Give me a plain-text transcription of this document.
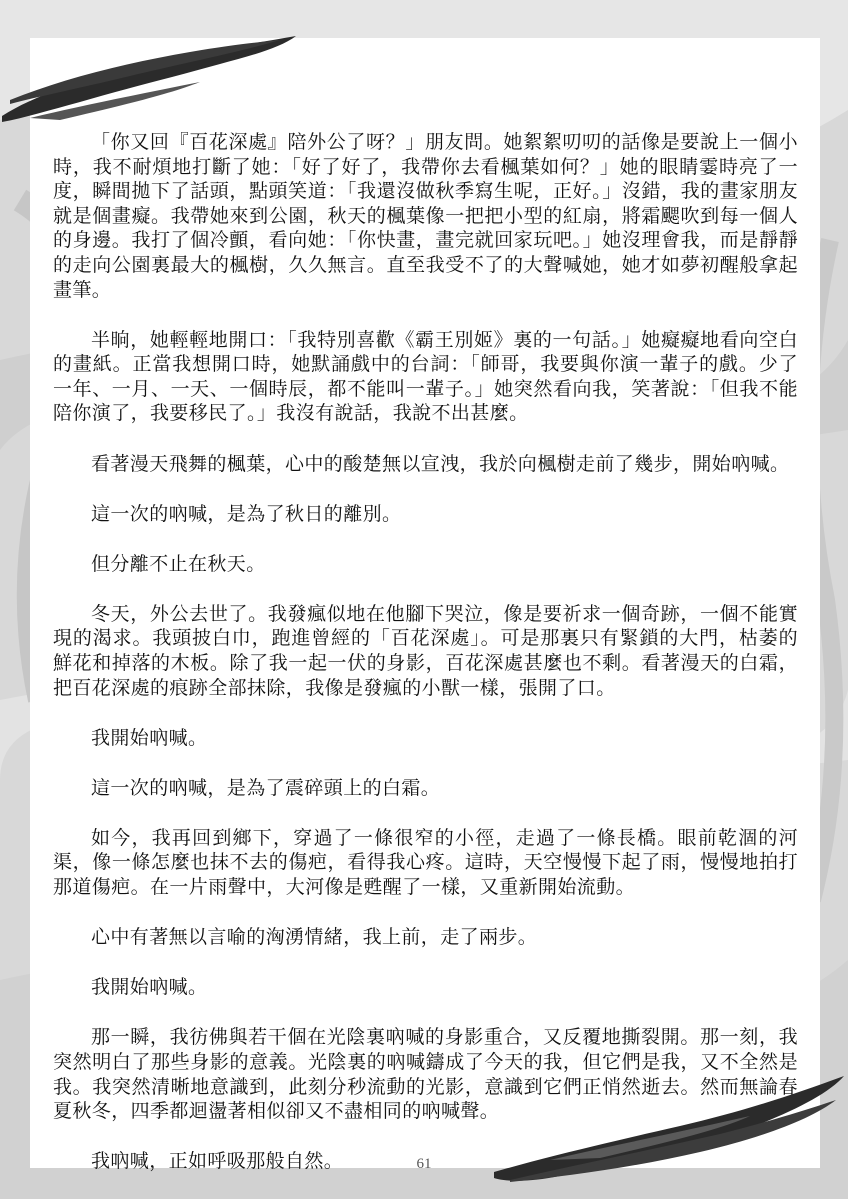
「你又回『百花深處』陪外公了呀？」朋友問。她絮絮叨叨的話像是要說上一個小時，我不耐煩地打斷了她：「好了好了，我帶你去看楓葉如何？」她的眼睛霎時亮了一度，瞬間拋下了話頭，點頭笑道：「我還沒做秋季寫生呢，正好。」沒錯，我的畫家朋友就是個畫癡。我帶她來到公園，秋天的楓葉像一把把小型的紅扇，將霜颸吹到每一個人的身邊。我打了個冷顫，看向她：「你快畫，畫完就回家玩吧。」她沒理會我，而是靜靜的走向公園裏最大的楓樹，久久無言。直至我受不了的大聲喊她，她才如夢初醒般拿起畫筆。

半晌，她輕輕地開口：「我特別喜歡《霸王別姬》裏的一句話。」她癡癡地看向空白的畫紙。正當我想開口時，她默誦戲中的台詞：「師哥，我要與你演一輩子的戲。少了一年、一月、一天、一個時辰，都不能叫一輩子。」她突然看向我，笑著說：「但我不能陪你演了，我要移民了。」我沒有說話，我說不出甚麼。

看著漫天飛舞的楓葉，心中的酸楚無以宣洩，我於向楓樹走前了幾步，開始吶喊。

這一次的吶喊，是為了秋日的離別。

但分離不止在秋天。

冬天，外公去世了。我發瘋似地在他腳下哭泣，像是要祈求一個奇跡，一個不能實現的渴求。我頭披白巾，跑進曾經的「百花深處」。可是那裏只有緊鎖的大門，枯萎的鮮花和掉落的木板。除了我一起一伏的身影，百花深處甚麼也不剩。看著漫天的白霜，把百花深處的痕跡全部抹除，我像是發瘋的小獸一樣，張開了口。

我開始吶喊。

這一次的吶喊，是為了震碎頭上的白霜。

如今，我再回到鄉下，穿過了一條很窄的小徑，走過了一條長橋。眼前乾涸的河渠，像一條怎麼也抹不去的傷疤，看得我心疼。這時，天空慢慢下起了雨，慢慢地拍打那道傷疤。在一片雨聲中，大河像是甦醒了一樣，又重新開始流動。

心中有著無以言喻的洶湧情緒，我上前，走了兩步。

我開始吶喊。

那一瞬，我彷佛與若干個在光陰裏吶喊的身影重合，又反覆地撕裂開。那一刻，我突然明白了那些身影的意義。光陰裏的吶喊鑄成了今天的我，但它們是我，又不全然是我。我突然清晰地意識到，此刻分秒流動的光影，意識到它們正悄然逝去。然而無論春夏秋冬，四季都迴盪著相似卻又不盡相同的吶喊聲。

我吶喊，正如呼吸那般自然。	61
